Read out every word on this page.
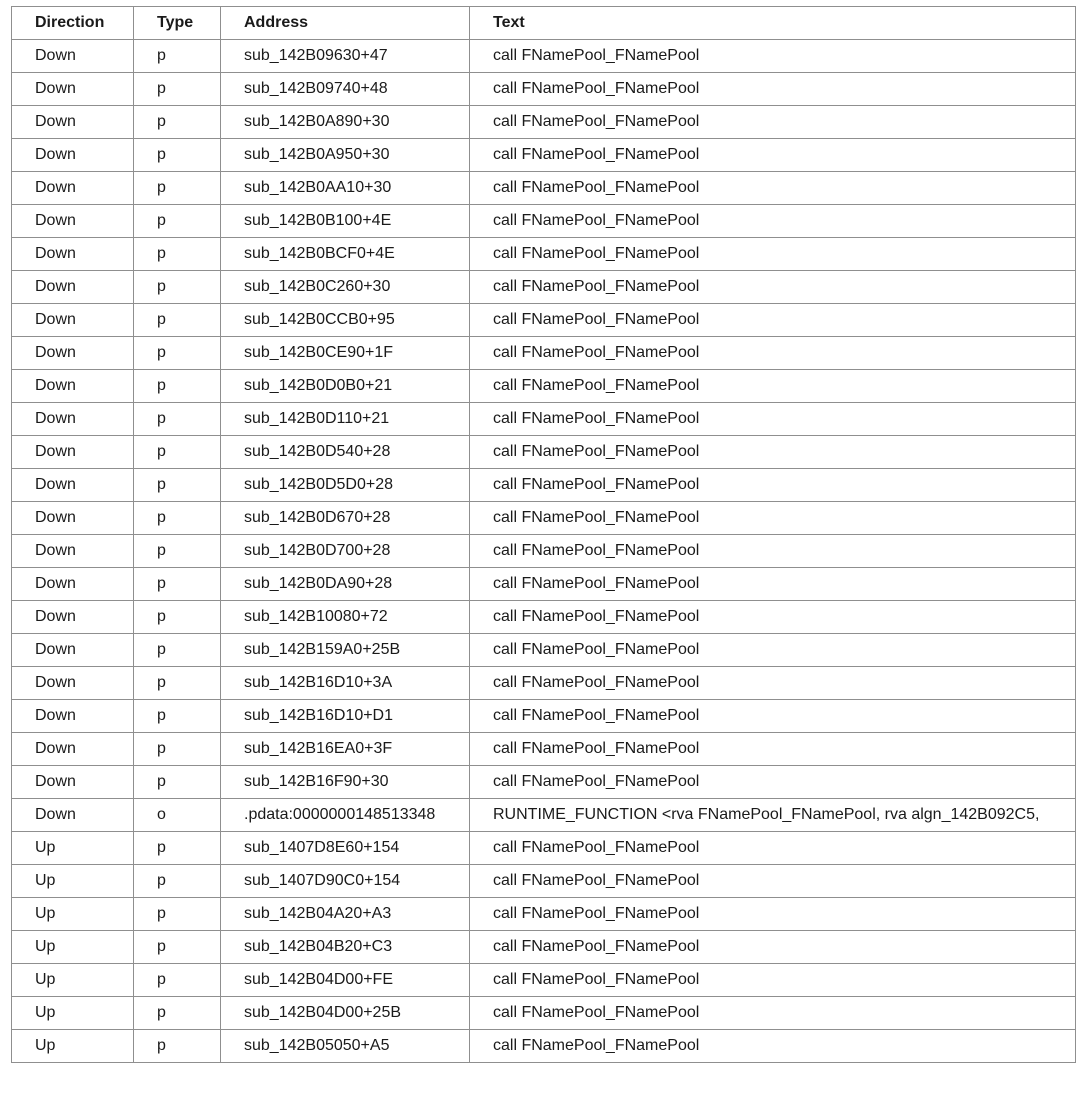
Direction	Type	Address	Text
Down	p	sub_142B09630+47	call FNamePool_FNamePool
Down	p	sub_142B09740+48	call FNamePool_FNamePool
Down	p	sub_142B0A890+30	call FNamePool_FNamePool
Down	p	sub_142B0A950+30	call FNamePool_FNamePool
Down	p	sub_142B0AA10+30	call FNamePool_FNamePool
Down	p	sub_142B0B100+4E	call FNamePool_FNamePool
Down	p	sub_142B0BCF0+4E	call FNamePool_FNamePool
Down	p	sub_142B0C260+30	call FNamePool_FNamePool
Down	p	sub_142B0CCB0+95	call FNamePool_FNamePool
Down	p	sub_142B0CE90+1F	call FNamePool_FNamePool
Down	p	sub_142B0D0B0+21	call FNamePool_FNamePool
Down	p	sub_142B0D110+21	call FNamePool_FNamePool
Down	p	sub_142B0D540+28	call FNamePool_FNamePool
Down	p	sub_142B0D5D0+28	call FNamePool_FNamePool
Down	p	sub_142B0D670+28	call FNamePool_FNamePool
Down	p	sub_142B0D700+28	call FNamePool_FNamePool
Down	p	sub_142B0DA90+28	call FNamePool_FNamePool
Down	p	sub_142B10080+72	call FNamePool_FNamePool
Down	p	sub_142B159A0+25B	call FNamePool_FNamePool
Down	p	sub_142B16D10+3A	call FNamePool_FNamePool
Down	p	sub_142B16D10+D1	call FNamePool_FNamePool
Down	p	sub_142B16EA0+3F	call FNamePool_FNamePool
Down	p	sub_142B16F90+30	call FNamePool_FNamePool
Down	o	.pdata:0000000148513348	RUNTIME_FUNCTION <rva FNamePool_FNamePool, rva algn_142B092C5,
Up	p	sub_1407D8E60+154	call FNamePool_FNamePool
Up	p	sub_1407D90C0+154	call FNamePool_FNamePool
Up	p	sub_142B04A20+A3	call FNamePool_FNamePool
Up	p	sub_142B04B20+C3	call FNamePool_FNamePool
Up	p	sub_142B04D00+FE	call FNamePool_FNamePool
Up	p	sub_142B04D00+25B	call FNamePool_FNamePool
Up	p	sub_142B05050+A5	call FNamePool_FNamePool
